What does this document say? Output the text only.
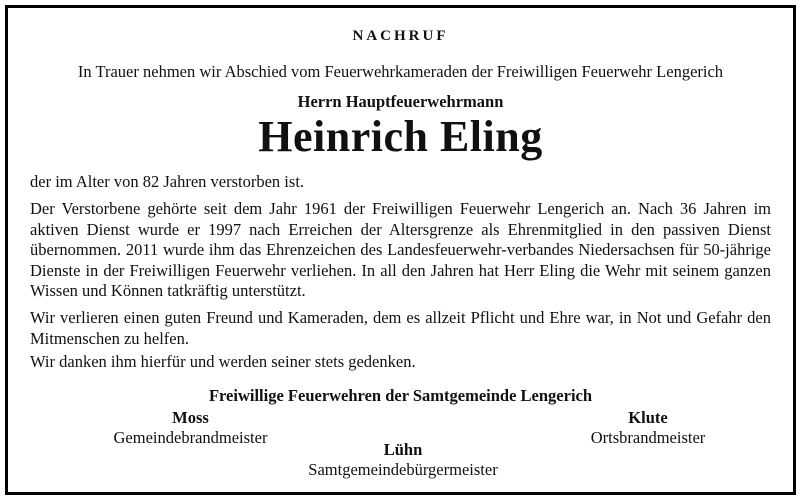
NACHRUF
In Trauer nehmen wir Abschied vom Feuerwehrkameraden der Freiwilligen Feuerwehr Lengerich
Herrn Hauptfeuerwehrmann
Heinrich Eling
der im Alter von 82 Jahren verstorben ist.

Der Verstorbene gehörte seit dem Jahr 1961 der Freiwilligen Feuerwehr Lengerich an. Nach 36 Jahren im aktiven Dienst wurde er 1997 nach Erreichen der Altersgrenze als Ehrenmitglied in den passiven Dienst übernommen. 2011 wurde ihm das Ehrenzeichen des Landesfeuerwehr-verbandes Niedersachsen für 50-jährige Dienste in der Freiwilligen Feuerwehr verliehen. In all den Jahren hat Herr Eling die Wehr mit seinem ganzen Wissen und Können tatkräftig unterstützt.

Wir verlieren einen guten Freund und Kameraden, dem es allzeit Pflicht und Ehre war, in Not und Gefahr den Mitmenschen zu helfen.

Wir danken ihm hierfür und werden seiner stets gedenken.

Freiwillige Feuerwehren der Samtgemeinde Lengerich
Moss
Gemeindebrandmeister
Klute
Ortsbrandmeister
Lühn
Samtgemeindebürgermeister
